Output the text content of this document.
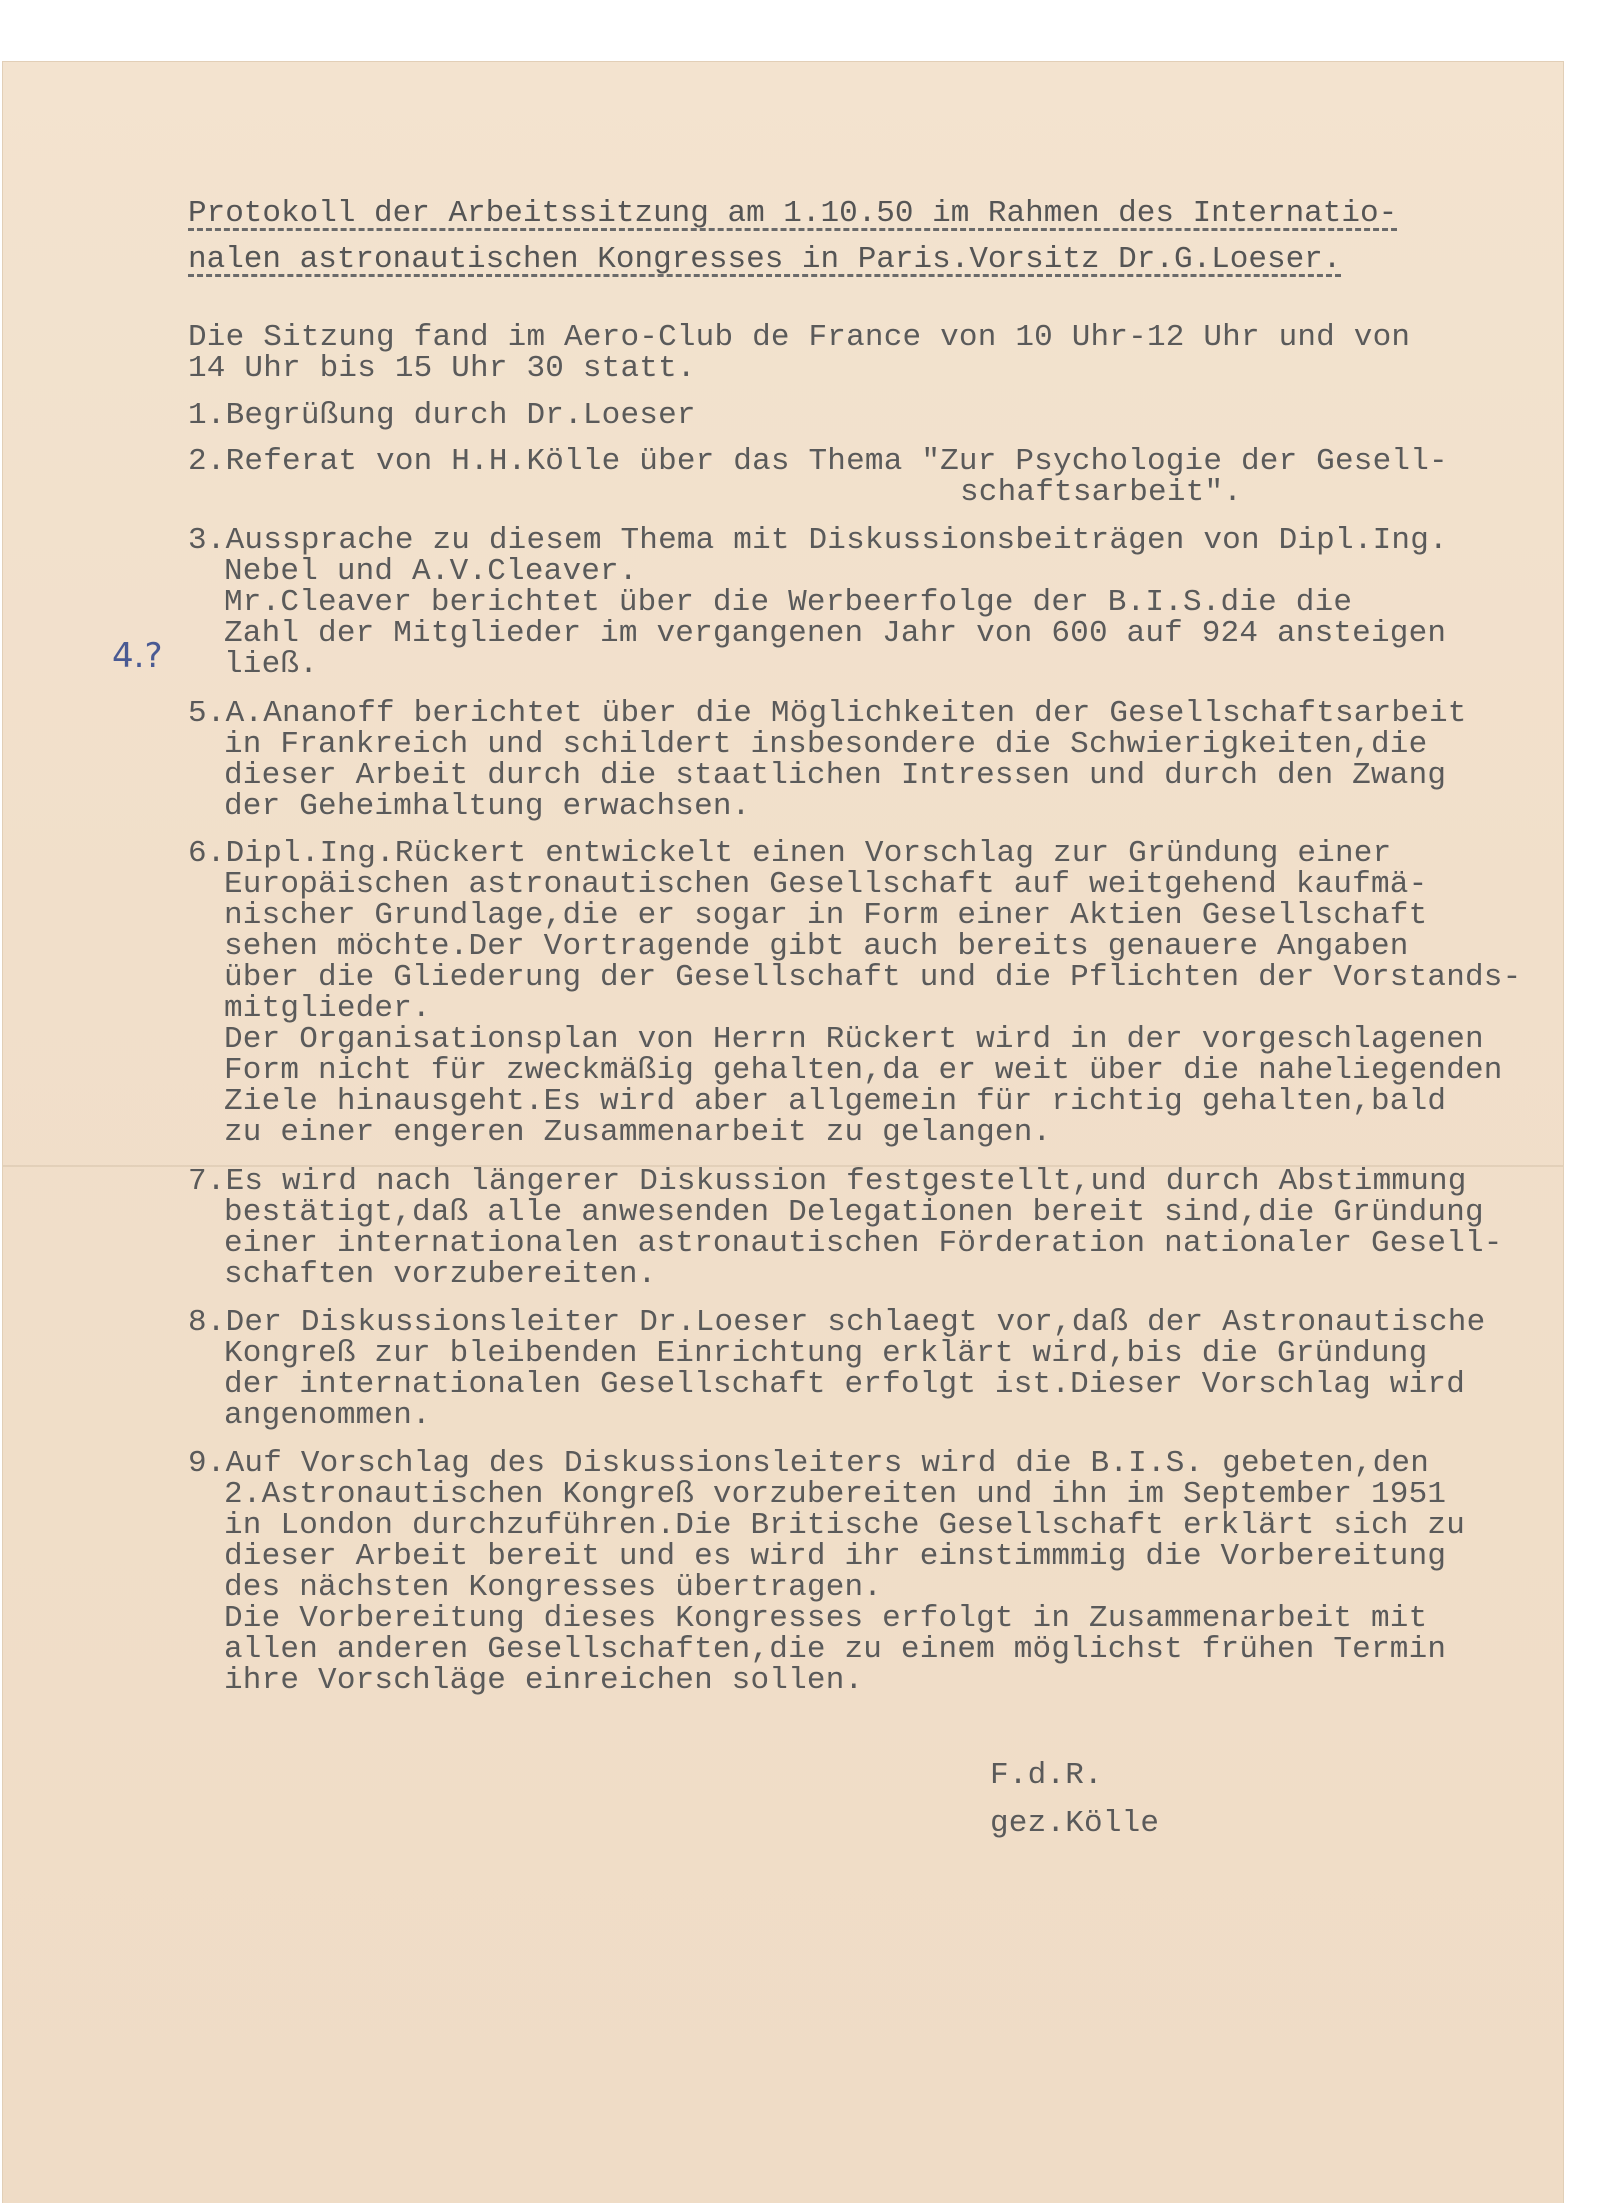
Protokoll der Arbeitssitzung am 1.10.50 im Rahmen des Internatio-

nalen astronautischen Kongresses in Paris.Vorsitz Dr.G.Loeser.

Die Sitzung fand im Aero-Club de France von 10 Uhr-12 Uhr und von

14 Uhr bis 15 Uhr 30 statt.

1.Begrüßung durch Dr.Loeser

2.Referat von H.H.Kölle über das Thema "Zur Psychologie der Gesell-

schaftsarbeit".

3.Aussprache zu diesem Thema mit Diskussionsbeiträgen von Dipl.Ing.

Nebel und A.V.Cleaver.

Mr.Cleaver berichtet über die Werbeerfolge der B.I.S.die die

Zahl der Mitglieder im vergangenen Jahr von 600 auf 924 ansteigen

ließ.

4.?

5.A.Ananoff berichtet über die Möglichkeiten der Gesellschaftsarbeit

in Frankreich und schildert insbesondere die Schwierigkeiten,die

dieser Arbeit durch die staatlichen Intressen und durch den Zwang

der Geheimhaltung erwachsen.

6.Dipl.Ing.Rückert entwickelt einen Vorschlag zur Gründung einer

Europäischen astronautischen Gesellschaft auf weitgehend kaufmä-

nischer Grundlage,die er sogar in Form einer Aktien Gesellschaft

sehen möchte.Der Vortragende gibt auch bereits genauere Angaben

über die Gliederung der Gesellschaft und die Pflichten der Vorstands-

mitglieder.

Der Organisationsplan von Herrn Rückert wird in der vorgeschlagenen

Form nicht für zweckmäßig gehalten,da er weit über die naheliegenden

Ziele hinausgeht.Es wird aber allgemein für richtig gehalten,bald

zu einer engeren Zusammenarbeit zu gelangen.

7.Es wird nach längerer Diskussion festgestellt,und durch Abstimmung

bestätigt,daß alle anwesenden Delegationen bereit sind,die Gründung

einer internationalen astronautischen Förderation nationaler Gesell-

schaften vorzubereiten.

8.Der Diskussionsleiter Dr.Loeser schlaegt vor,daß der Astronautische

Kongreß zur bleibenden Einrichtung erklärt wird,bis die Gründung

der internationalen Gesellschaft erfolgt ist.Dieser Vorschlag wird

angenommen.

9.Auf Vorschlag des Diskussionsleiters wird die B.I.S. gebeten,den

2.Astronautischen Kongreß vorzubereiten und ihn im September 1951

in London durchzuführen.Die Britische Gesellschaft erklärt sich zu

dieser Arbeit bereit und es wird ihr einstimmmig die Vorbereitung

des nächsten Kongresses übertragen.

Die Vorbereitung dieses Kongresses erfolgt in Zusammenarbeit mit

allen anderen Gesellschaften,die zu einem möglichst frühen Termin

ihre Vorschläge einreichen sollen.

F.d.R.

gez.Kölle
